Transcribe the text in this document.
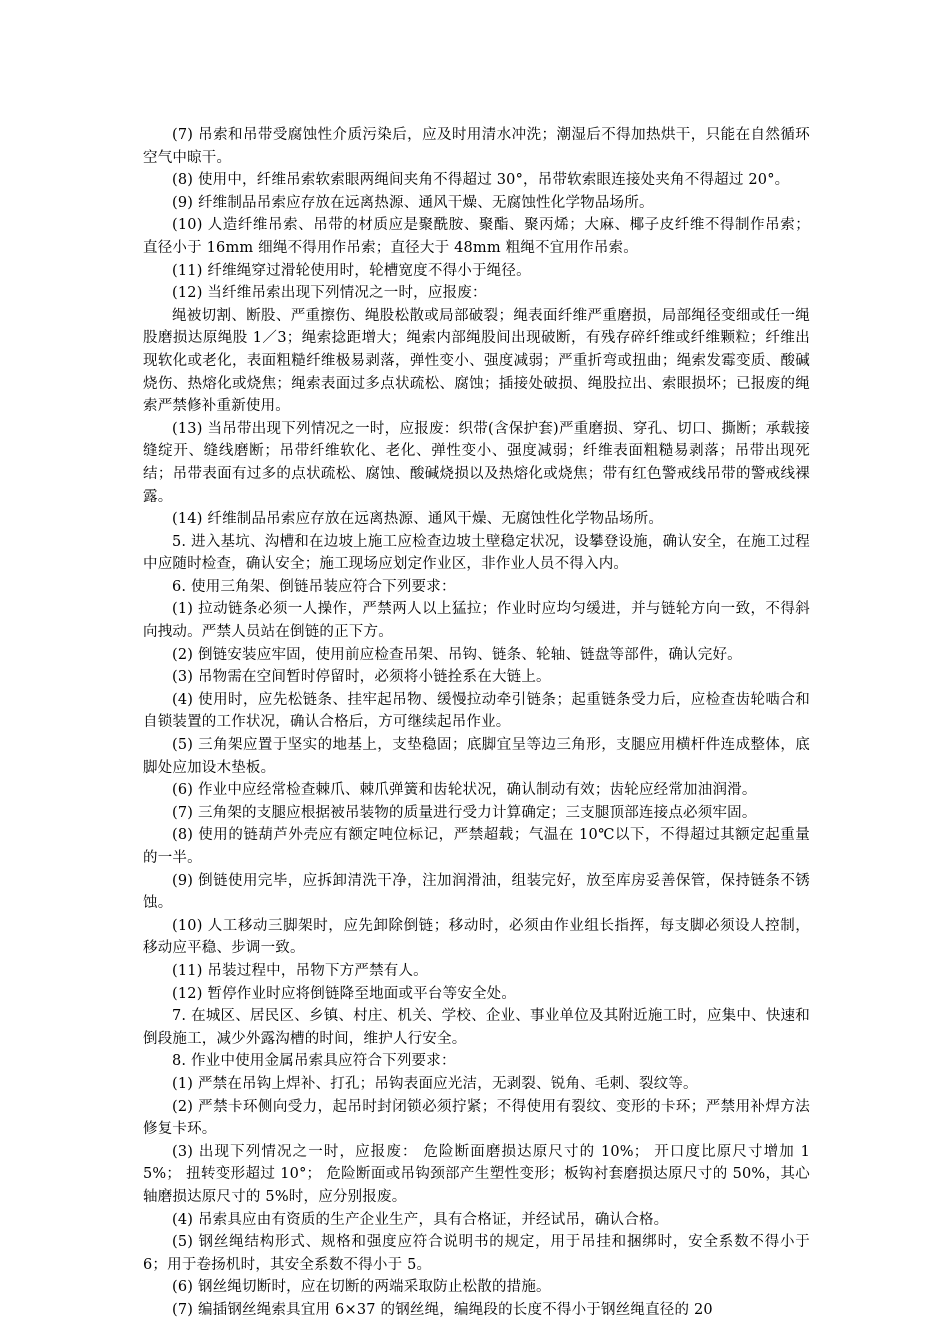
(7) 吊索和吊带受腐蚀性介质污染后，应及时用清水冲洗；潮湿后不得加热烘干，只能在自然循环空气中晾干。

(8) 使用中，纤维吊索软索眼两绳间夹角不得超过 30°，吊带软索眼连接处夹角不得超过 20°。

(9) 纤维制品吊索应存放在远离热源、通风干燥、无腐蚀性化学物品场所。

(10) 人造纤维吊索、吊带的材质应是聚酰胺、聚酯、聚丙烯；大麻、椰子皮纤维不得制作吊索；直径小于 16mm 细绳不得用作吊索；直径大于 48mm 粗绳不宜用作吊索。

(11) 纤维绳穿过滑轮使用时，轮槽宽度不得小于绳径。

(12) 当纤维吊索出现下列情况之一时，应报废：

绳被切割、断股、严重擦伤、绳股松散或局部破裂；绳表面纤维严重磨损，局部绳径变细或任一绳股磨损达原绳股 1／3；绳索捻距增大；绳索内部绳股间出现破断，有残存碎纤维或纤维颗粒；纤维出现软化或老化，表面粗糙纤维极易剥落，弹性变小、强度减弱；严重折弯或扭曲；绳索发霉变质、酸碱烧伤、热熔化或烧焦；绳索表面过多点状疏松、腐蚀；插接处破损、绳股拉出、索眼损坏；已报废的绳索严禁修补重新使用。

(13) 当吊带出现下列情况之一时，应报废：织带(含保护套)严重磨损、穿孔、切口、撕断；承载接缝绽开、缝线磨断；吊带纤维软化、老化、弹性变小、强度减弱；纤维表面粗糙易剥落；吊带出现死结；吊带表面有过多的点状疏松、腐蚀、酸碱烧损以及热熔化或烧焦；带有红色警戒线吊带的警戒线裸露。

(14) 纤维制品吊索应存放在远离热源、通风干燥、无腐蚀性化学物品场所。

5. 进入基坑、沟槽和在边坡上施工应检查边坡土壁稳定状况，设攀登设施，确认安全，在施工过程中应随时检查，确认安全；施工现场应划定作业区，非作业人员不得入内。

6. 使用三角架、倒链吊装应符合下列要求：

(1) 拉动链条必须一人操作，严禁两人以上猛拉；作业时应均匀缓进，并与链轮方向一致，不得斜向拽动。严禁人员站在倒链的正下方。

(2) 倒链安装应牢固，使用前应检查吊架、吊钩、链条、轮轴、链盘等部件，确认完好。

(3) 吊物需在空间暂时停留时，必须将小链拴系在大链上。

(4) 使用时，应先松链条、挂牢起吊物、缓慢拉动牵引链条；起重链条受力后，应检查齿轮啮合和自锁装置的工作状况，确认合格后，方可继续起吊作业。

(5) 三角架应置于坚实的地基上，支垫稳固；底脚宜呈等边三角形，支腿应用横杆件连成整体，底脚处应加设木垫板。

(6) 作业中应经常检查棘爪、棘爪弹簧和齿轮状况，确认制动有效；齿轮应经常加油润滑。

(7) 三角架的支腿应根据被吊装物的质量进行受力计算确定；三支腿顶部连接点必须牢固。

(8) 使用的链葫芦外壳应有额定吨位标记，严禁超载；气温在 10℃以下，不得超过其额定起重量的一半。

(9) 倒链使用完毕，应拆卸清洗干净，注加润滑油，组装完好，放至库房妥善保管，保持链条不锈蚀。

(10) 人工移动三脚架时，应先卸除倒链；移动时，必须由作业组长指挥，每支脚必须设人控制，移动应平稳、步调一致。

(11) 吊装过程中，吊物下方严禁有人。

(12) 暂停作业时应将倒链降至地面或平台等安全处。

7. 在城区、居民区、乡镇、村庄、机关、学校、企业、事业单位及其附近施工时，应集中、快速和倒段施工，减少外露沟槽的时间，维护人行安全。

8. 作业中使用金属吊索具应符合下列要求：

(1) 严禁在吊钩上焊补、打孔；吊钩表面应光洁，无剥裂、锐角、毛刺、裂纹等。

(2) 严禁卡环侧向受力，起吊时封闭锁必须拧紧；不得使用有裂纹、变形的卡环；严禁用补焊方法修复卡环。

(3) 出现下列情况之一时，应报废： 危险断面磨损达原尺寸的 10%； 开口度比原尺寸增加 15%； 扭转变形超过 10°； 危险断面或吊钩颈部产生塑性变形；板钩衬套磨损达原尺寸的 50%，其心轴磨损达原尺寸的 5%时，应分别报废。

(4) 吊索具应由有资质的生产企业生产，具有合格证，并经试吊，确认合格。

(5) 钢丝绳结构形式、规格和强度应符合说明书的规定，用于吊挂和捆绑时，安全系数不得小于 6；用于卷扬机时，其安全系数不得小于 5。

(6) 钢丝绳切断时，应在切断的两端采取防止松散的措施。

(7) 编插钢丝绳索具宜用 6×37 的钢丝绳，编绳段的长度不得小于钢丝绳直径的 20
